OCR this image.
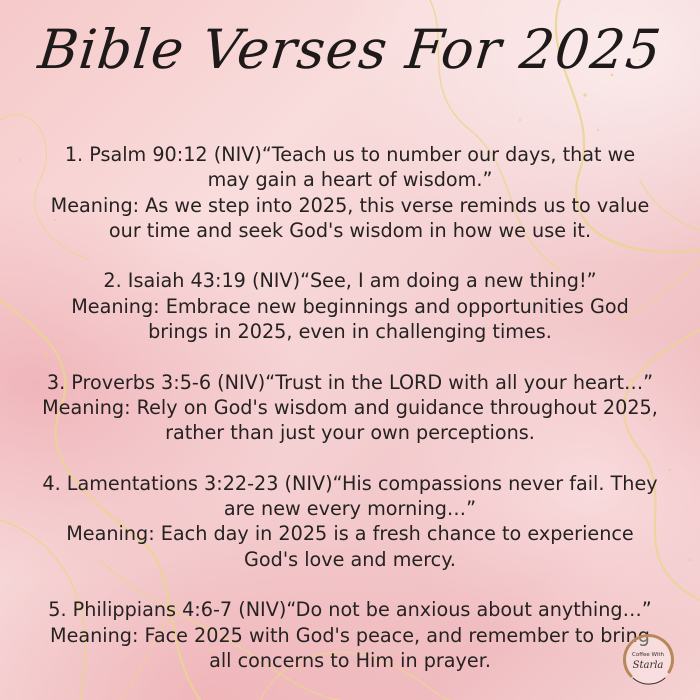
Bible Verses For 2025

1. Psalm 90:12 (NIV)“Teach us to number our days, that we

may gain a heart of wisdom.”

Meaning: As we step into 2025, this verse reminds us to value

our time and seek God's wisdom in how we use it.

2. Isaiah 43:19 (NIV)“See, I am doing a new thing!”

Meaning: Embrace new beginnings and opportunities God

brings in 2025, even in challenging times.

3. Proverbs 3:5-6 (NIV)“Trust in the LORD with all your heart…”

Meaning: Rely on God's wisdom and guidance throughout 2025,

rather than just your own perceptions.

4. Lamentations 3:22-23 (NIV)“His compassions never fail. They

are new every morning…”

Meaning: Each day in 2025 is a fresh chance to experience

God's love and mercy.

5. Philippians 4:6-7 (NIV)“Do not be anxious about anything…”

Meaning: Face 2025 with God's peace, and remember to bring

all concerns to Him in prayer.	Coffee With
Starla
